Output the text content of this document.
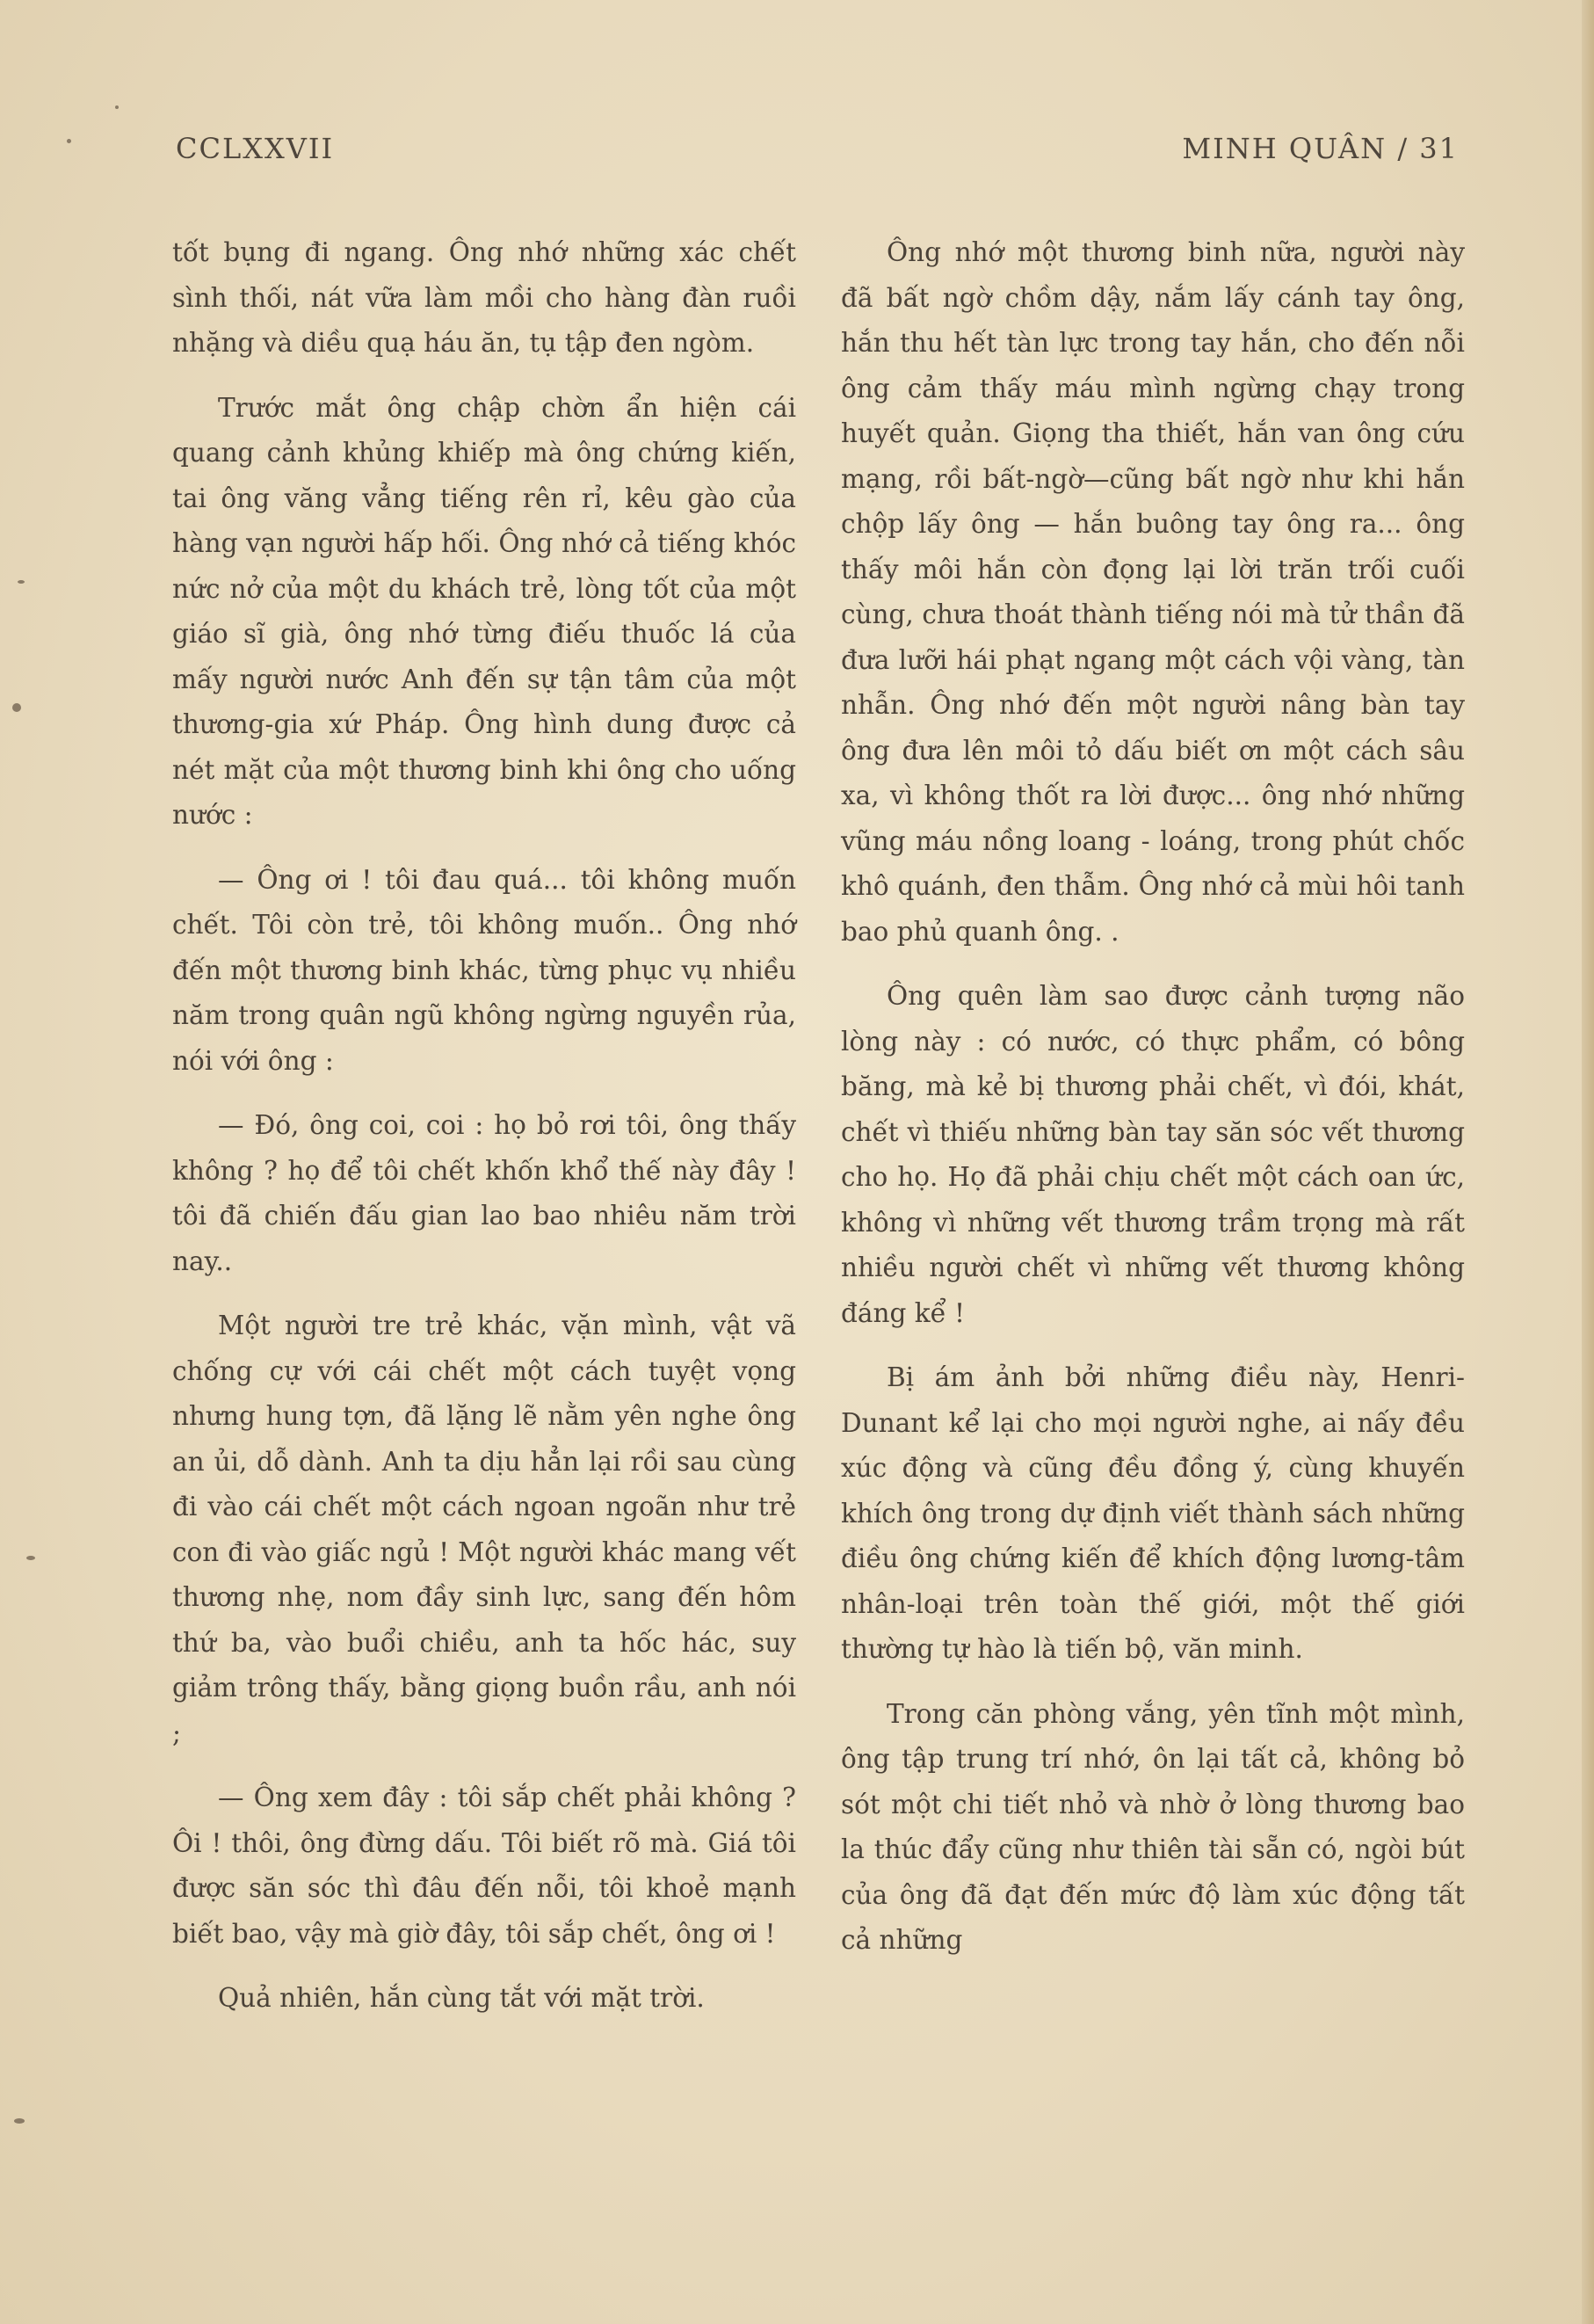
CCLXXVII	MINH QUÂN / 31

tốt bụng đi ngang. Ông nhớ những xác chết sình thối, nát vữa làm mồi cho hàng đàn ruồi nhặng và diều quạ háu ăn, tụ tập đen ngòm.

Trước mắt ông chập chờn ẩn hiện cái quang cảnh khủng khiếp mà ông chứng kiến, tai ông văng vẳng tiếng rên rỉ, kêu gào của hàng vạn người hấp hối. Ông nhớ cả tiếng khóc nức nở của một du khách trẻ, lòng tốt của một giáo sĩ già, ông nhớ từng điếu thuốc lá của mấy người nước Anh đến sự tận tâm của một thương-gia xứ Pháp. Ông hình dung được cả nét mặt của một thương binh khi ông cho uống nước :

— Ông ơi ! tôi đau quá... tôi không muốn chết. Tôi còn trẻ, tôi không muốn.. Ông nhớ đến một thương binh khác, từng phục vụ nhiều năm trong quân ngũ không ngừng nguyền rủa, nói với ông :

— Đó, ông coi, coi : họ bỏ rơi tôi, ông thấy không ? họ để tôi chết khốn khổ thế này đây ! tôi đã chiến đấu gian lao bao nhiêu năm trời nay..

Một người tre trẻ khác, vặn mình, vật vã chống cự với cái chết một cách tuyệt vọng nhưng hung tợn, đã lặng lẽ nằm yên nghe ông an ủi, dỗ dành. Anh ta dịu hẳn lại rồi sau cùng đi vào cái chết một cách ngoan ngoãn như trẻ con đi vào giấc ngủ ! Một người khác mang vết thương nhẹ, nom đầy sinh lực, sang đến hôm thứ ba, vào buổi chiều, anh ta hốc hác, suy giảm trông thấy, bằng giọng buồn rầu, anh nói ;

— Ông xem đây : tôi sắp chết phải không ? Ôi ! thôi, ông đừng dấu. Tôi biết rõ mà. Giá tôi được săn sóc thì đâu đến nỗi, tôi khoẻ mạnh biết bao, vậy mà giờ đây, tôi sắp chết, ông ơi !

Quả nhiên, hắn cùng tắt với mặt trời.

Ông nhớ một thương binh nữa, người này đã bất ngờ chồm dậy, nắm lấy cánh tay ông, hắn thu hết tàn lực trong tay hắn, cho đến nỗi ông cảm thấy máu mình ngừng chạy trong huyết quản. Giọng tha thiết, hắn van ông cứu mạng, rồi bất-ngờ—cũng bất ngờ như khi hắn chộp lấy ông — hắn buông tay ông ra... ông thấy môi hắn còn đọng lại lời trăn trối cuối cùng, chưa thoát thành tiếng nói mà tử thần đã đưa lưỡi hái phạt ngang một cách vội vàng, tàn nhẫn. Ông nhớ đến một người nâng bàn tay ông đưa lên môi tỏ dấu biết ơn một cách sâu xa, vì không thốt ra lời được... ông nhớ những vũng máu nồng loang - loáng, trong phút chốc khô quánh, đen thẫm. Ông nhớ cả mùi hôi tanh bao phủ quanh ông. .

Ông quên làm sao được cảnh tượng não lòng này : có nước, có thực phẩm, có bông băng, mà kẻ bị thương phải chết, vì đói, khát, chết vì thiếu những bàn tay săn sóc vết thương cho họ. Họ đã phải chịu chết một cách oan ức, không vì những vết thương trầm trọng mà rất nhiều người chết vì những vết thương không đáng kể !

Bị ám ảnh bởi những điều này, Henri-Dunant kể lại cho mọi người nghe, ai nấy đều xúc động và cũng đều đồng ý, cùng khuyến khích ông trong dự định viết thành sách những điều ông chứng kiến để khích động lương-tâm nhân-loại trên toàn thế giới, một thế giới thường tự hào là tiến bộ, văn minh.

Trong căn phòng vắng, yên tĩnh một mình, ông tập trung trí nhớ, ôn lại tất cả, không bỏ sót một chi tiết nhỏ và nhờ ở lòng thương bao la thúc đẩy cũng như thiên tài sẵn có, ngòi bút của ông đã đạt đến mức độ làm xúc động tất cả những
